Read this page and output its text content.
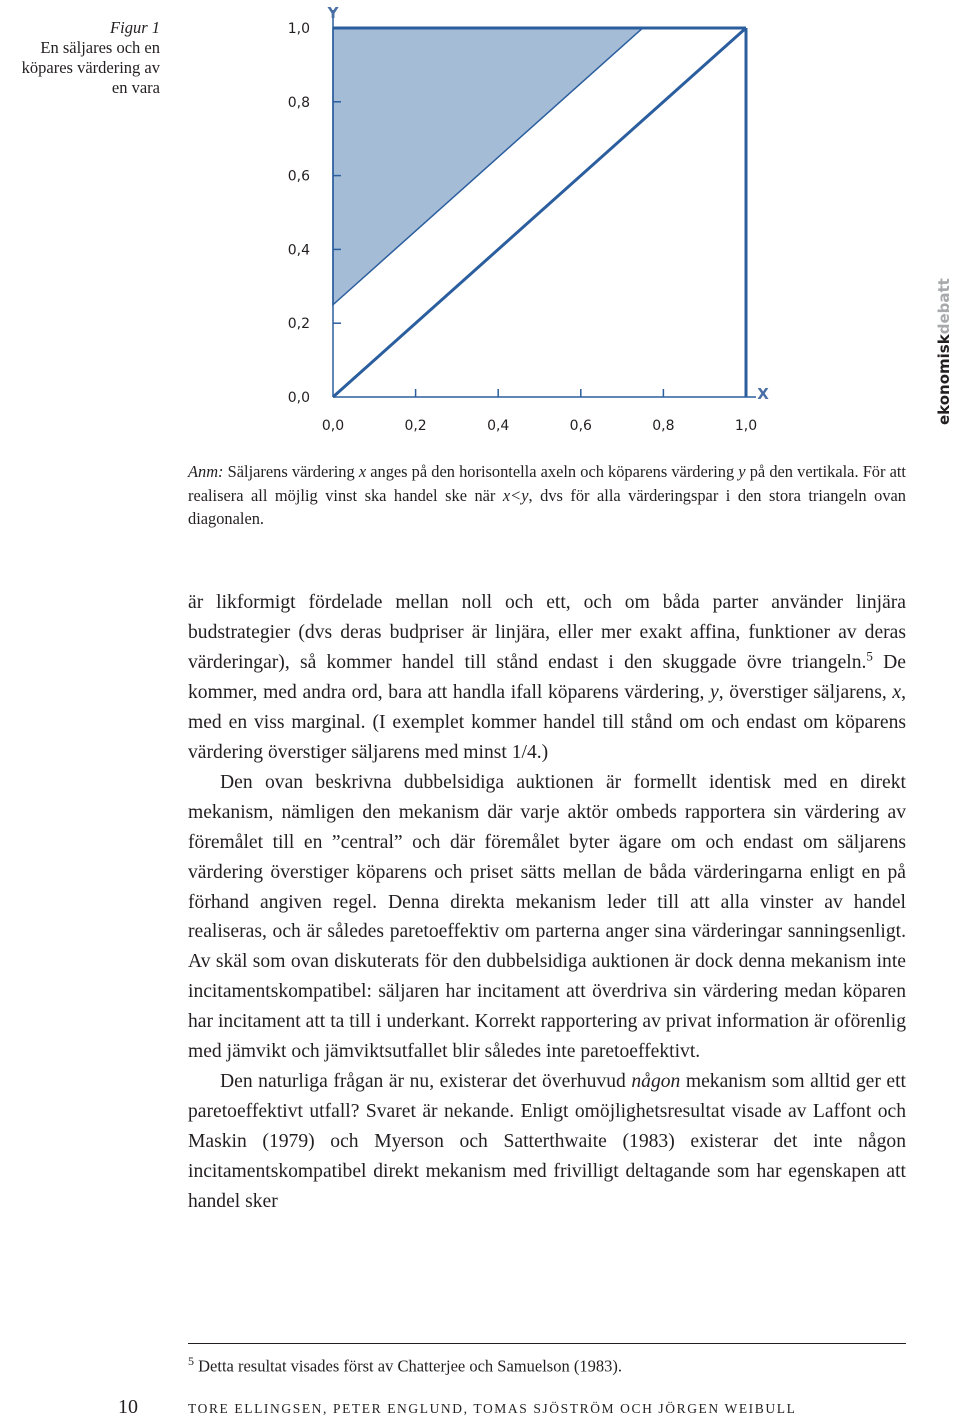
Figur 1
En säljares och en
köpares värdering av
en vara
0,0	0,2	0,4	0,6	0,8	1,0
0,0
0,2
0,4
0,6
0,8
1,0
Y
X	ekonomiskdebatt
Anm: Säljarens värdering x anges på den horisontella axeln och köparens värdering y på den vertikala. För att realisera all möjlig vinst ska handel ske när x<y, dvs för alla värderingspar i den stora triangeln ovan diagonalen.

är likformigt fördelade mellan noll och ett, och om båda parter använder linjära budstrategier (dvs deras budpriser är linjära, eller mer exakt affina, funktioner av deras värderingar), så kommer handel till stånd endast i den skuggade övre triangeln.$^5$ De kommer, med andra ord, bara att handla ifall köparens värdering, y, överstiger säljarens, x, med en viss marginal. (I exemplet kommer handel till stånd om och endast om köparens värdering överstiger säljarens med minst 1/4.)

Den ovan beskrivna dubbelsidiga auktionen är formellt identisk med en direkt mekanism, nämligen den mekanism där varje aktör ombeds rapportera sin värdering av föremålet till en ”central” och där föremålet byter ägare om och endast om säljarens värdering överstiger köparens och priset sätts mellan de båda värderingarna enligt en på förhand angiven regel. Denna direkta mekanism leder till att alla vinster av handel realiseras, och är således paretoeffektiv om parterna anger sina värderingar sanningsenligt. Av skäl som ovan diskuterats för den dubbelsidiga auktionen är dock denna mekanism inte incitamentskompatibel: säljaren har incitament att överdriva sin värdering medan köparen har incitament att ta till i underkant. Korrekt rapportering av privat information är oförenlig med jämvikt och jämviktsutfallet blir således inte paretoeffektivt.

Den naturliga frågan är nu, existerar det överhuvud någon mekanism som alltid ger ett paretoeffektivt utfall? Svaret är nekande. Enligt omöjlighetsresultat visade av Laffont och Maskin (1979) och Myerson och Satterthwaite (1983) existerar det inte någon incitamentskompatibel direkt mekanism med frivilligt deltagande som har egenskapen att handel sker

$^5$ Detta resultat visades först av Chatterjee och Samuelson (1983).
10	TORE ELLINGSEN, PETER ENGLUND, TOMAS SJÖSTRÖM OCH JÖRGEN WEIBULL
